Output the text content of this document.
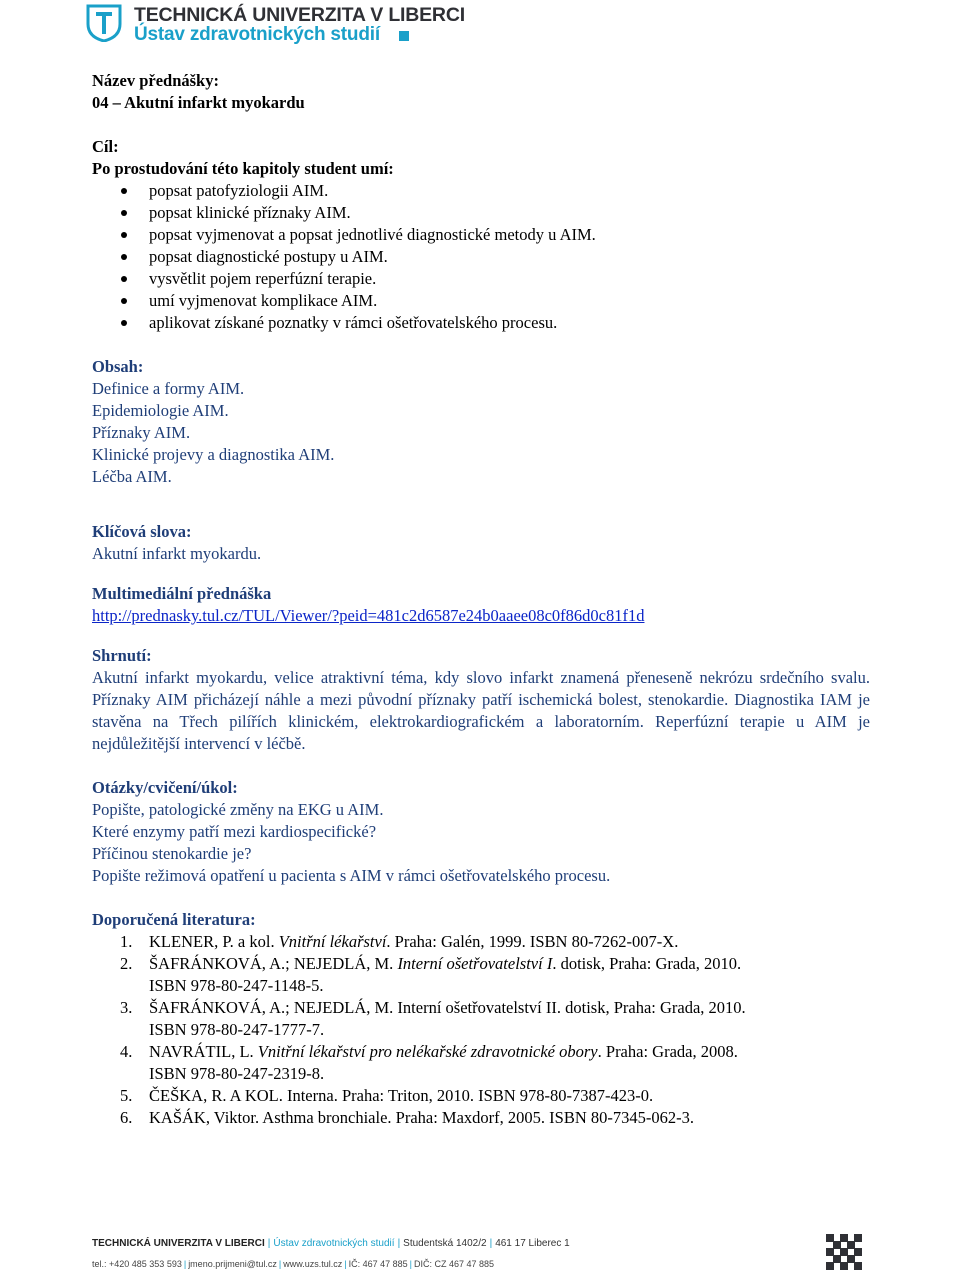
TECHNICKÁ UNIVERZITA V LIBERCI
Ústav zdravotnických studií

Název přednášky:

04 – Akutní infarkt myokardu

Cíl:

Po prostudování této kapitoly student umí:

popsat patofyziologii AIM.
popsat klinické příznaky AIM.
popsat vyjmenovat a popsat jednotlivé diagnostické metody u AIM.
popsat diagnostické postupy u AIM.
vysvětlit pojem reperfúzní terapie.
umí vyjmenovat komplikace AIM.
aplikovat získané poznatky v rámci ošetřovatelského procesu.

Obsah:

Definice a formy AIM.

Epidemiologie AIM.

Příznaky AIM.

Klinické projevy a diagnostika AIM.

Léčba AIM.

Klíčová slova:

Akutní infarkt myokardu.

Multimediální přednáška

http://prednasky.tul.cz/TUL/Viewer/?peid=481c2d6587e24b0aaee08c0f86d0c81f1d

Shrnutí:

Akutní infarkt myokardu, velice atraktivní téma, kdy slovo infarkt znamená přeneseně nekrózu srdečního svalu. Příznaky AIM přicházejí náhle a mezi původní příznaky patří ischemická bolest, stenokardie. Diagnostika IAM je stavěna na Třech pilířích klinickém, elektrokardiografickém a laboratorním. Reperfúzní terapie u AIM je nejdůležitější intervencí v léčbě.

Otázky/cvičení/úkol:

Popište, patologické změny na EKG u AIM.

Které enzymy patří mezi kardiospecifické?

Příčinou stenokardie je?

Popište režimová opatření u pacienta s AIM v rámci ošetřovatelského procesu.

Doporučená literatura:

1. KLENER, P. a kol. Vnitřní lékařství. Praha: Galén, 1999. ISBN 80-7262-007-X.
2. ŠAFRÁNKOVÁ, A.; NEJEDLÁ, M. Interní ošetřovatelství I. dotisk, Praha: Grada, 2010.
ISBN 978-80-247-1148-5.
3. ŠAFRÁNKOVÁ, A.; NEJEDLÁ, M. Interní ošetřovatelství II. dotisk, Praha: Grada, 2010.
ISBN 978-80-247-1777-7.
4. NAVRÁTIL, L. Vnitřní lékařství pro nelékařské zdravotnické obory. Praha: Grada, 2008.
ISBN 978-80-247-2319-8.
5. ČEŠKA, R. A KOL. Interna. Praha: Triton, 2010. ISBN 978-80-7387-423-0.
6. KAŠÁK, Viktor. Asthma bronchiale. Praha: Maxdorf, 2005. ISBN 80-7345-062-3.
TECHNICKÁ UNIVERZITA V LIBERCI | Ústav zdravotnických studií | Studentská 1402/2 | 461 17 Liberec 1
tel.: +420 485 353 593 | jmeno.prijmeni@tul.cz | www.uzs.tul.cz | IČ: 467 47 885 | DIČ: CZ 467 47 885
